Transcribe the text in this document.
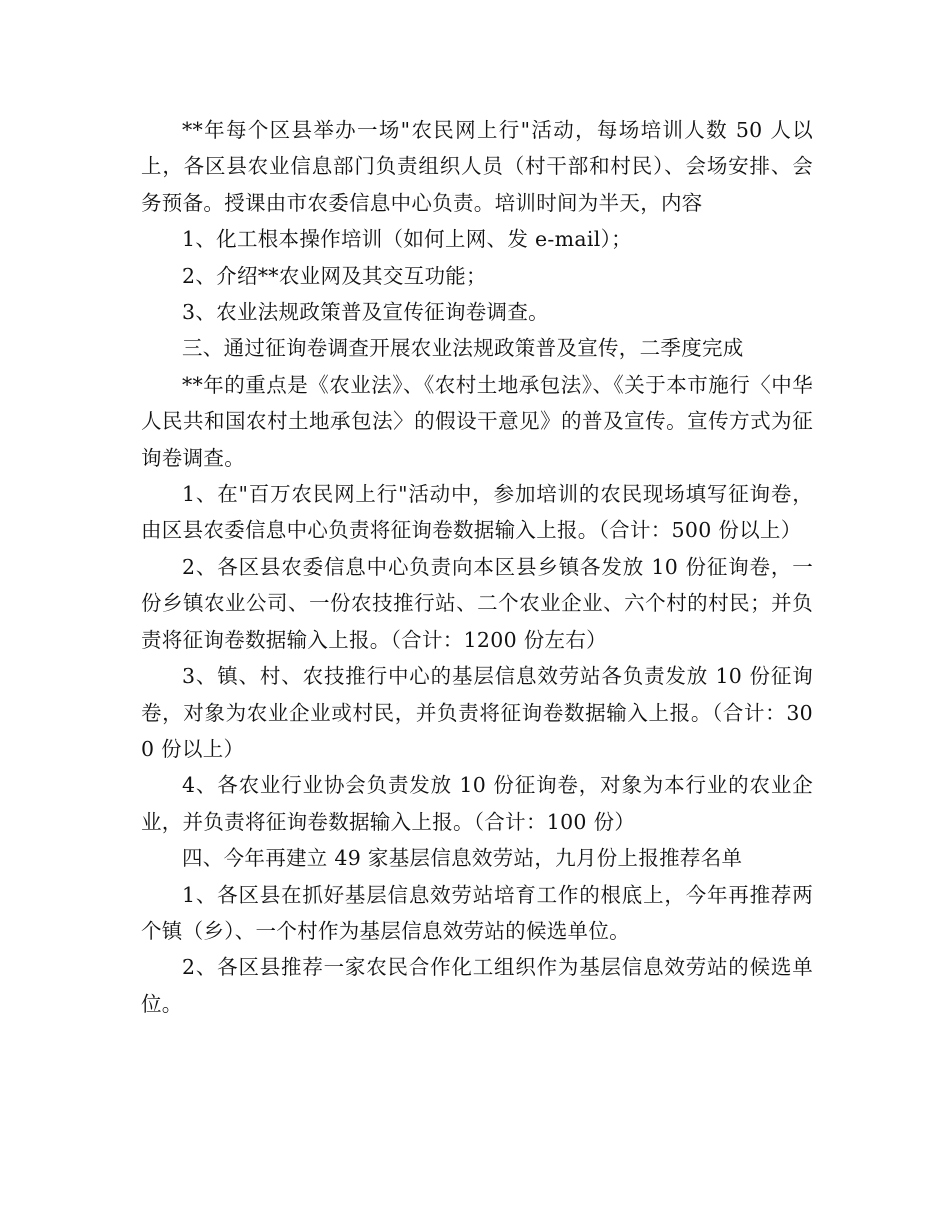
**年每个区县举办一场"农民网上行"活动，每场培训人数 50 人以上，各区县农业信息部门负责组织人员（村干部和村民）、会场安排、会务预备。授课由市农委信息中心负责。培训时间为半天，内容

1、化工根本操作培训（如何上网、发 e-mail）；

2、介绍**农业网及其交互功能；

3、农业法规政策普及宣传征询卷调查。

三、通过征询卷调查开展农业法规政策普及宣传，二季度完成

**年的重点是《农业法》、《农村土地承包法》、《关于本市施行〈中华人民共和国农村土地承包法〉的假设干意见》的普及宣传。宣传方式为征询卷调查。

1、在"百万农民网上行"活动中，参加培训的农民现场填写征询卷，由区县农委信息中心负责将征询卷数据输入上报。（合计：500 份以上）

2、各区县农委信息中心负责向本区县乡镇各发放 10 份征询卷，一份乡镇农业公司、一份农技推行站、二个农业企业、六个村的村民；并负责将征询卷数据输入上报。（合计：1200 份左右）

3、镇、村、农技推行中心的基层信息效劳站各负责发放 10 份征询卷，对象为农业企业或村民，并负责将征询卷数据输入上报。（合计：300 份以上）

4、各农业行业协会负责发放 10 份征询卷，对象为本行业的农业企业，并负责将征询卷数据输入上报。（合计：100 份）

四、今年再建立 49 家基层信息效劳站，九月份上报推荐名单

1、各区县在抓好基层信息效劳站培育工作的根底上，今年再推荐两个镇（乡）、一个村作为基层信息效劳站的候选单位。

2、各区县推荐一家农民合作化工组织作为基层信息效劳站的候选单位。
